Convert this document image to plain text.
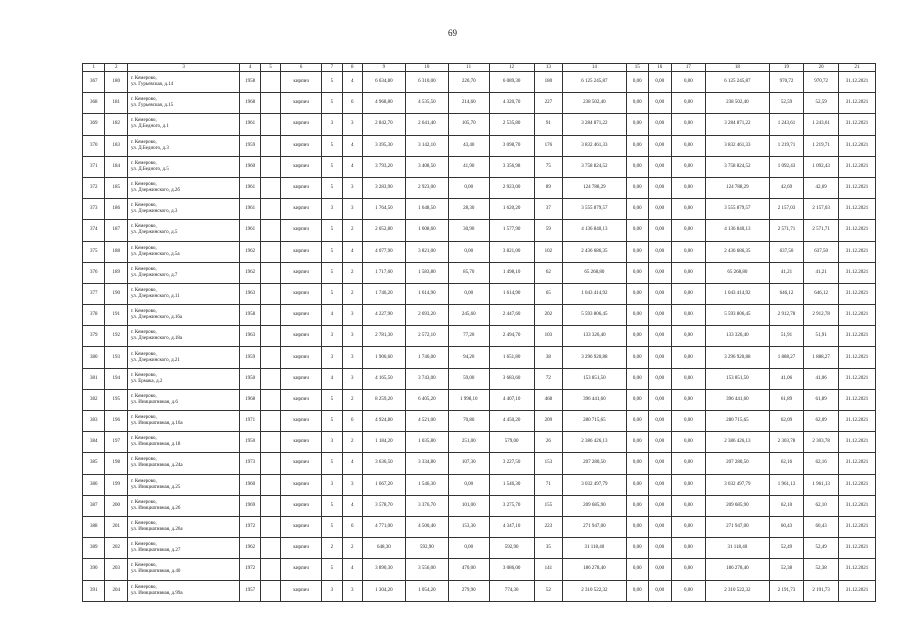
69
1	2	3	4	5	6	7	8	9	10	11	12	13	14	15	16	17	18	19	20	21
367	180	г. Кемерово,
ул. Гурьевская, д.14	1958		кирпич	5	4	6 634,80	6 310,00	220,70	6 089,30	180	6 125 245,87	0,00	0,00	0,00	6 125 245,87	970,72	970,72	31.12.2021
368	181	г. Кемерово,
ул. Гурьевская, д.15	1968		кирпич	5	6	4 968,80	4 535,50	214,60	4 320,70	227	238 502,40	0,00	0,00	0,00	238 502,40	52,59	52,59	31.12.2021
369	182	г. Кемерово,
ул. Д.Бедного, д.1	1961		кирпич	3	3	2 842,70	2 641,40	105,70	2 535,80	91	3 284 871,22	0,00	0,00	0,00	3 284 871,22	1 243,61	1 243,61	31.12.2021
370	183	г. Кемерово,
ул. Д.Бедного, д.3	1959		кирпич	5	4	3 395,30	3 142,10	43,40	3 098,70	176	3 832 461,33	0,00	0,00	0,00	3 832 461,33	1 219,71	1 219,71	31.12.2021
371	184	г. Кемерово,
ул. Д.Бедного, д.5	1960		кирпич	5	4	3 793,20	3 408,50	41,90	3 356,98	75	3 758 824,52	0,00	0,00	0,00	3 758 824,52	1 092,43	1 092,43	31.12.2021
372	185	г. Кемерово,
ул. Дзержинского, д.2б	1961		кирпич	5	3	3 283,90	2 923,00	0,00	2 923,00	89	124 788,29	0,00	0,00	0,00	124 788,29	42,69	42,69	31.12.2021
373	186	г. Кемерово,
ул. Дзержинского, д.3	1961		кирпич	3	3	1 764,50	1 648,50	28,30	1 620,20	37	3 555 879,57	0,00	0,00	0,00	3 555 879,57	2 157,03	2 157,03	31.12.2021
374	187	г. Кемерово,
ул. Дзержинского, д.5	1961		кирпич	5	2	2 052,80	1 608,60	30,90	1 577,90	59	4 136 840,13	0,00	0,00	0,00	4 136 840,13	2 571,71	2 571,71	31.12.2021
375	188	г. Кемерово,
ул. Дзержинского, д.5а	1962		кирпич	5	4	4 077,90	3 821,00	0,00	3 821,00	102	2 436 686,35	0,00	0,00	0,00	2 436 686,35	637,50	637,50	31.12.2021
376	189	г. Кемерово,
ул. Дзержинского, д.7	1962		кирпич	5	2	1 717,60	1 583,80	85,70	1 498,10	62	65 268,80	0,00	0,00	0,00	65 268,80	41,21	41,21	31.12.2021
377	190	г. Кемерово,
ул. Дзержинского, д.11	1963		кирпич	5	2	1 746,20	1 614,90	0,00	1 614,90	65	1 043 414,92	0,00	0,00	0,00	1 043 414,92	646,12	646,12	31.12.2021
378	191	г. Кемерово,
ул. Дзержинского, д.16а	1958		кирпич	4	3	4 227,90	2 693,20	245,60	2 447,60	202	5 593 806,45	0,00	0,00	0,00	5 593 806,45	2 912,78	2 912,78	31.12.2021
379	192	г. Кемерово,
ул. Дзержинского, д.18а	1963		кирпич	3	3	2 781,30	2 572,10	77,20	2 494,70	103	133 326,40	0,00	0,00	0,00	133 326,40	51,91	51,91	31.12.2021
380	193	г. Кемерово,
ул. Дзержинского, д.21	1959		кирпич	3	3	1 906,60	1 746,00	94,20	1 651,80	38	3 296 920,88	0,00	0,00	0,00	3 296 920,88	1 888,27	1 888,27	31.12.2021
381	194	г. Кемерово,
ул. Ермака, д.2	1950		кирпич	4	3	4 165,50	3 743,00	59,00	3 683,60	72	153 851,50	0,00	0,00	0,00	153 851,50	41,06	41,06	31.12.2021
382	195	г. Кемерово,
ул. Инициативная, д.6	1968		кирпич	5	2	8 259,20	6 405,20	1 998,10	4 407,10	468	396 441,60	0,00	0,00	0,00	396 441,60	61,89	61,89	31.12.2021
383	196	г. Кемерово,
ул. Инициативная, д.16а	1971		кирпич	5	6	4 924,80	4 521,00	70,80	4 450,20	209	280 715,65	0,00	0,00	0,00	280 715,65	62,09	62,09	31.12.2021
384	197	г. Кемерово,
ул. Инициативная, д.18	1950		кирпич	3	2	1 184,20	1 035,80	251,00	579,00	26	2 386 426,13	0,00	0,00	0,00	2 386 426,13	2 303,78	2 303,78	31.12.2021
385	198	г. Кемерово,
ул. Инициативная, д.24а	1973		кирпич	5	4	3 636,50	3 334,80	107,30	3 227,50	153	207 280,50	0,00	0,00	0,00	207 280,50	62,16	62,16	31.12.2021
386	199	г. Кемерово,
ул. Инициативная, д.25	1960		кирпич	3	3	1 667,20	1 546,30	0,00	1 546,30	71	3 032 497,79	0,00	0,00	0,00	3 032 497,79	1 961,13	1 961,13	31.12.2021
387	200	г. Кемерово,
ул. Инициативная, д.26	1969		кирпич	5	4	3 578,70	3 376,70	101,00	3 275,70	155	209 685,90	0,00	0,00	0,00	209 685,90	62,10	62,10	31.12.2021
388	201	г. Кемерово,
ул. Инициативная, д.26а	1972		кирпич	5	6	4 771,00	4 500,40	153,30	4 347,10	223	271 947,00	0,00	0,00	0,00	271 947,00	60,43	60,43	31.12.2021
389	202	г. Кемерово,
ул. Инициативная, д.27	1962		кирпич	2	2	648,30	592,90	0,00	592,90	35	31 118,40	0,00	0,00	0,00	31 118,40	52,49	52,49	31.12.2021
390	203	г. Кемерово,
ул. Инициативная, д.40	1972		кирпич	5	4	3 890,30	3 556,00	470,00	3 086,00	141	186 278,40	0,00	0,00	0,00	186 278,40	52,38	52,38	31.12.2021
391	204	г. Кемерово,
ул. Инициативная, д.99а	1957		кирпич	3	3	1 304,20	1 054,20	279,90	774,30	52	2 310 522,32	0,00	0,00	0,00	2 310 522,32	2 191,73	2 191,73	31.12.2021
